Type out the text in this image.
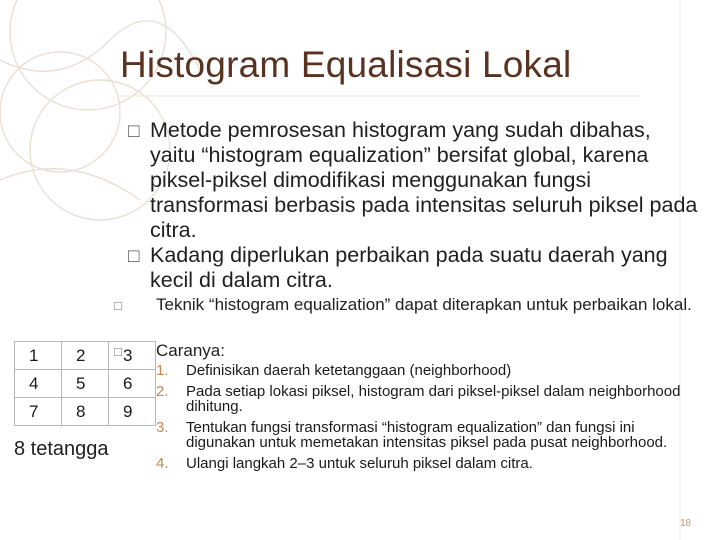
Histogram Equalisasi Lokal
□ Metode pemrosesan histogram yang sudah dibahas, yaitu “histogram equalization” bersifat global, karena piksel-piksel dimodifikasi menggunakan fungsi transformasi berbasis pada intensitas seluruh piksel pada citra.
□ Kadang diperlukan perbaikan pada suatu daerah yang kecil di dalam citra.
□	Teknik “histogram equalization” dapat diterapkan untuk perbaikan lokal.
□	Caranya:
1. Definisikan daerah ketetanggaan (neighborhood)
2. Pada setiap lokasi piksel, histogram dari piksel-piksel dalam neighborhood dihitung.
3. Tentukan fungsi transformasi “histogram equalization” dan fungsi ini digunakan untuk memetakan intensitas piksel pada pusat neighborhood.
4. Ulangi langkah 2–3 untuk seluruh piksel dalam citra.
1	2	3
4	5	6
7	8	9
8 tetangga
18
